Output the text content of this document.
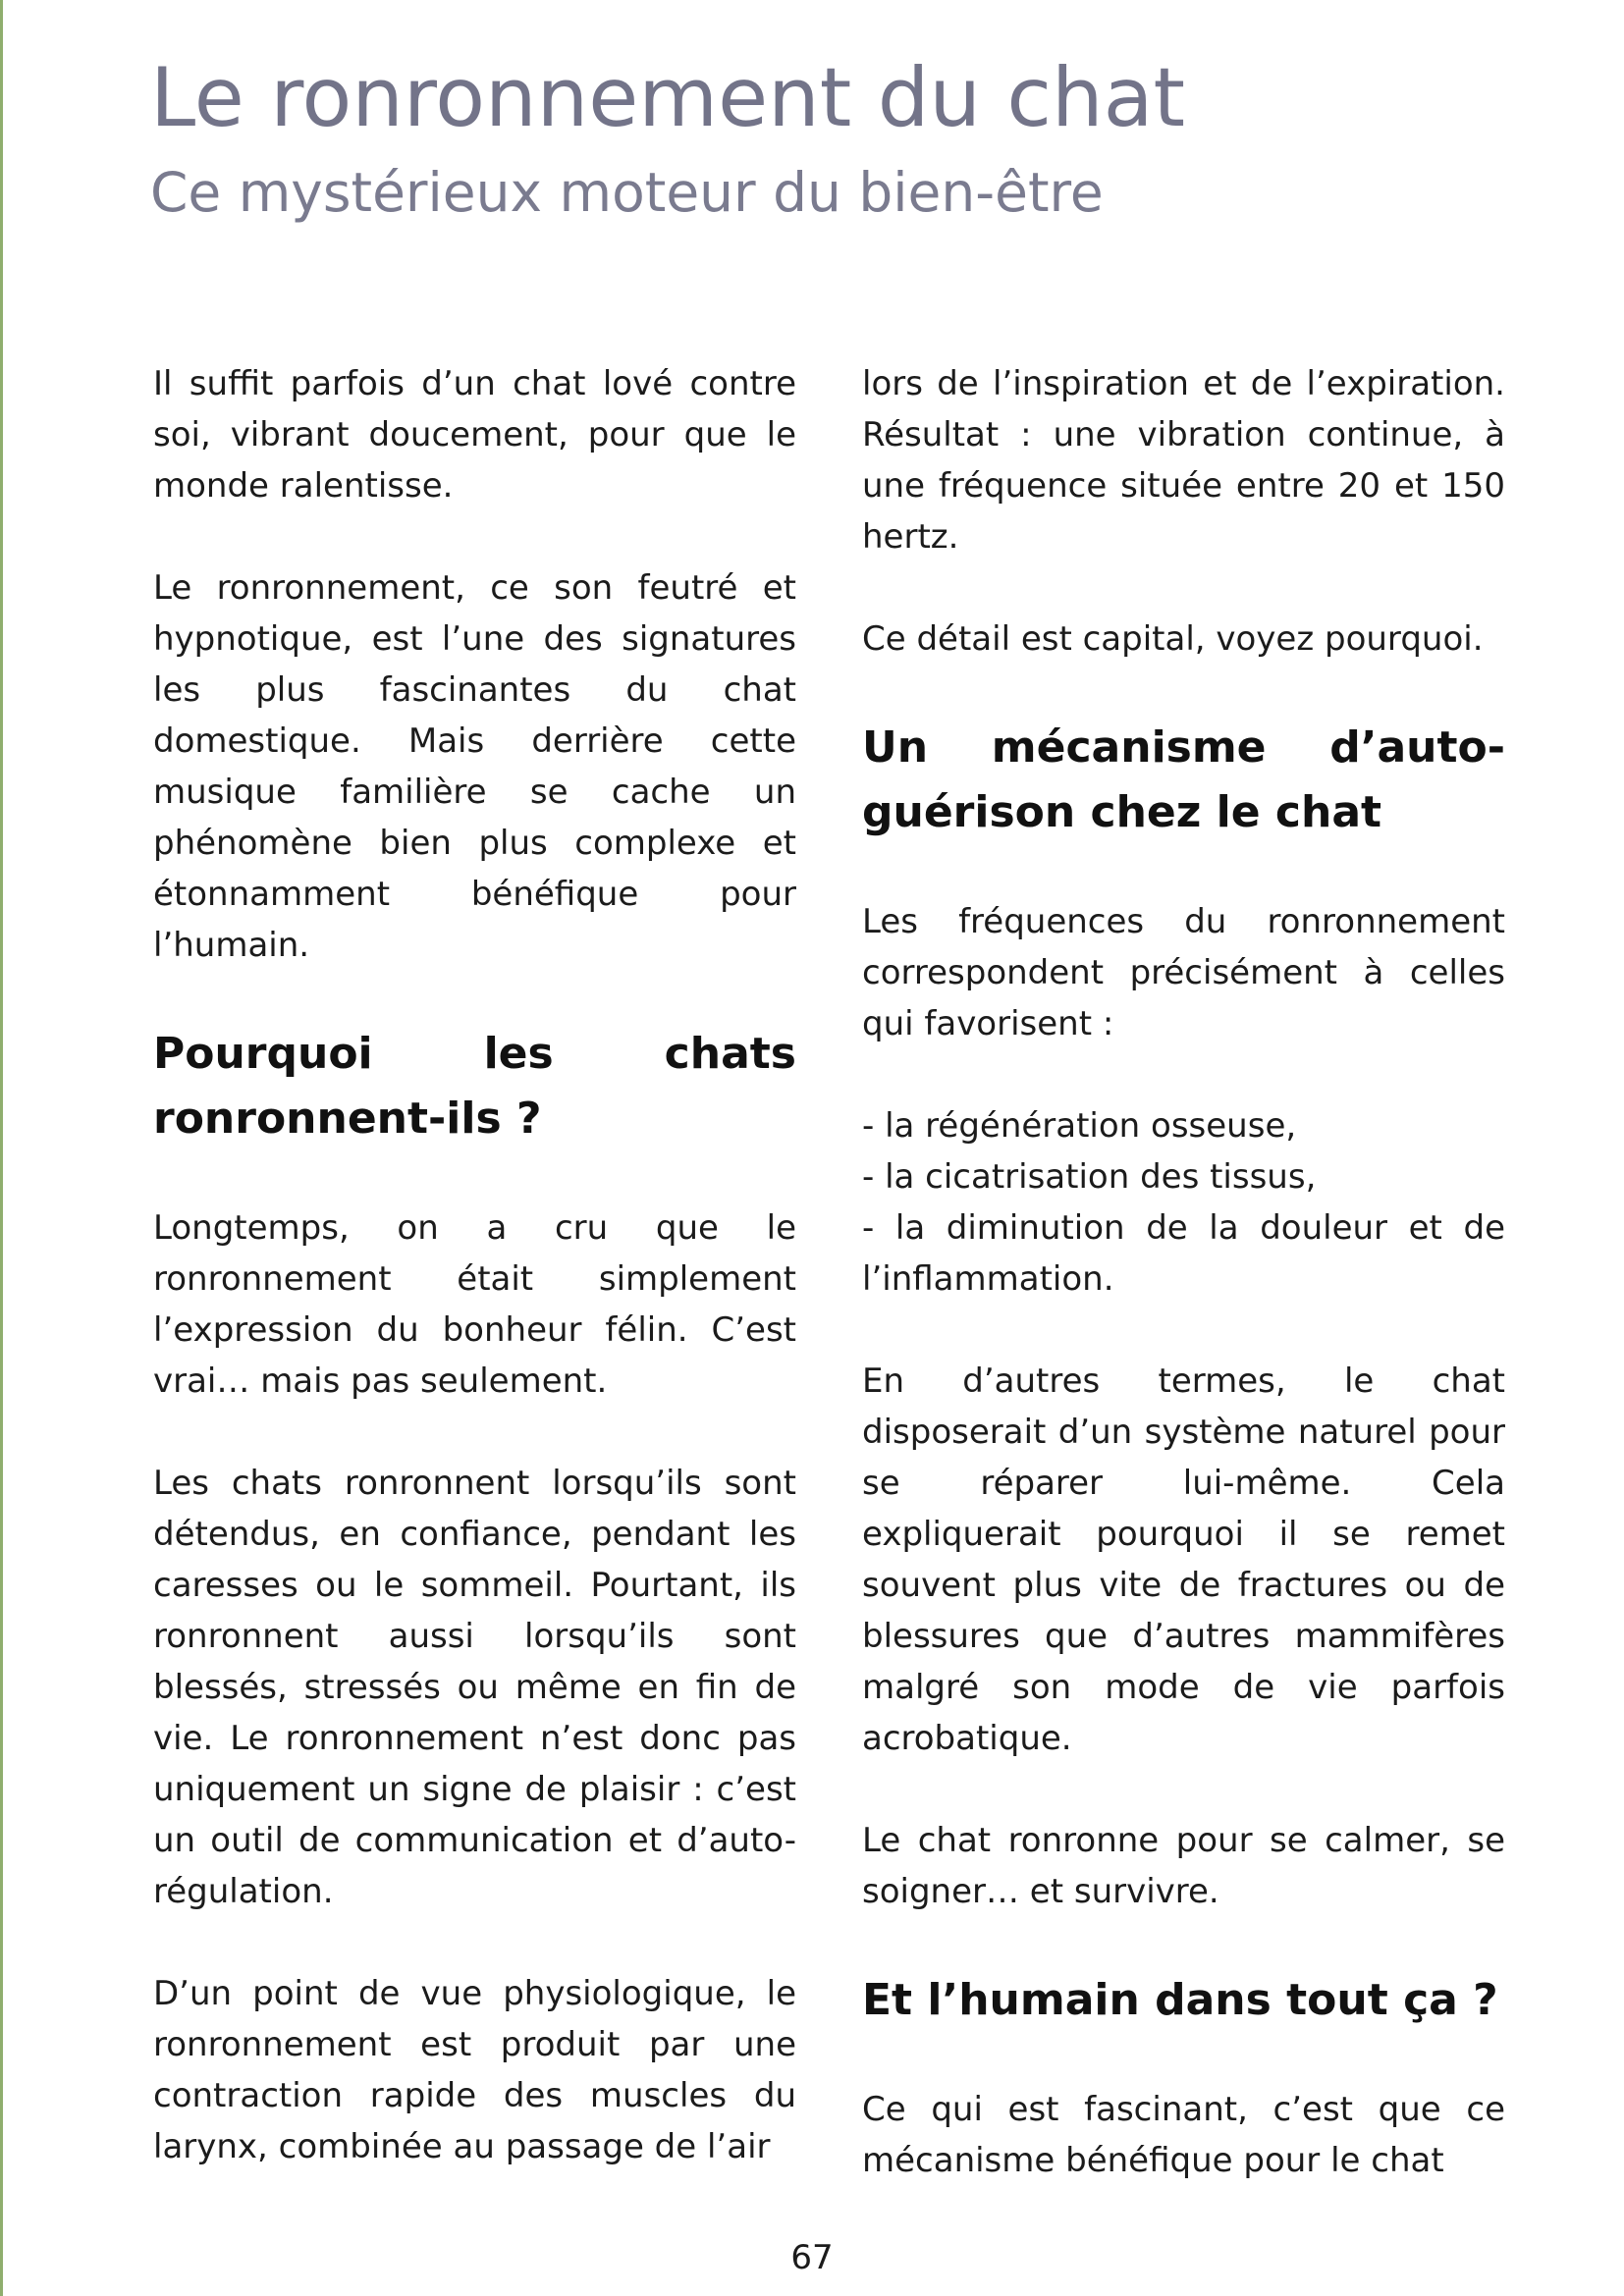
Le ronronnement du chat
Ce mystérieux moteur du bien-être

Il suffit parfois d’un chat lové contre soi, vibrant doucement, pour que le monde ralentisse.

Le ronronnement, ce son feutré et hypnotique, est l’une des signatures les plus fascinantes du chat domestique. Mais derrière cette musique familière se cache un phénomène bien plus complexe et étonnamment bénéfique pour l’humain.

Pourquoi les chats ronronnent-ils ?

Longtemps, on a cru que le ronronnement était simplement l’expression du bonheur félin. C’est vrai… mais pas seulement.

Les chats ronronnent lorsqu’ils sont détendus, en confiance, pendant les caresses ou le sommeil. Pourtant, ils ronronnent aussi lorsqu’ils sont blessés, stressés ou même en fin de vie. Le ronronnement n’est donc pas uniquement un signe de plaisir : c’est un outil de communication et d’auto-régulation.

D’un point de vue physiologique, le ronronnement est produit par une contraction rapide des muscles du larynx, combinée au passage de l’air

lors de l’inspiration et de l’expiration. Résultat : une vibration continue, à une fréquence située entre 20 et 150 hertz.

Ce détail est capital, voyez pourquoi.

Un mécanisme d’auto-guérison chez le chat

Les fréquences du ronronnement correspondent précisément à celles qui favorisent :

- la régénération osseuse,
- la cicatrisation des tissus,
- la diminution de la douleur et de l’inflammation.

En d’autres termes, le chat disposerait d’un système naturel pour se réparer lui-même. Cela expliquerait pourquoi il se remet souvent plus vite de fractures ou de blessures que d’autres mammifères malgré son mode de vie parfois acrobatique.

Le chat ronronne pour se calmer, se soigner… et survivre.

Et l’humain dans tout ça ?

Ce qui est fascinant, c’est que ce mécanisme bénéfique pour le chat

67
